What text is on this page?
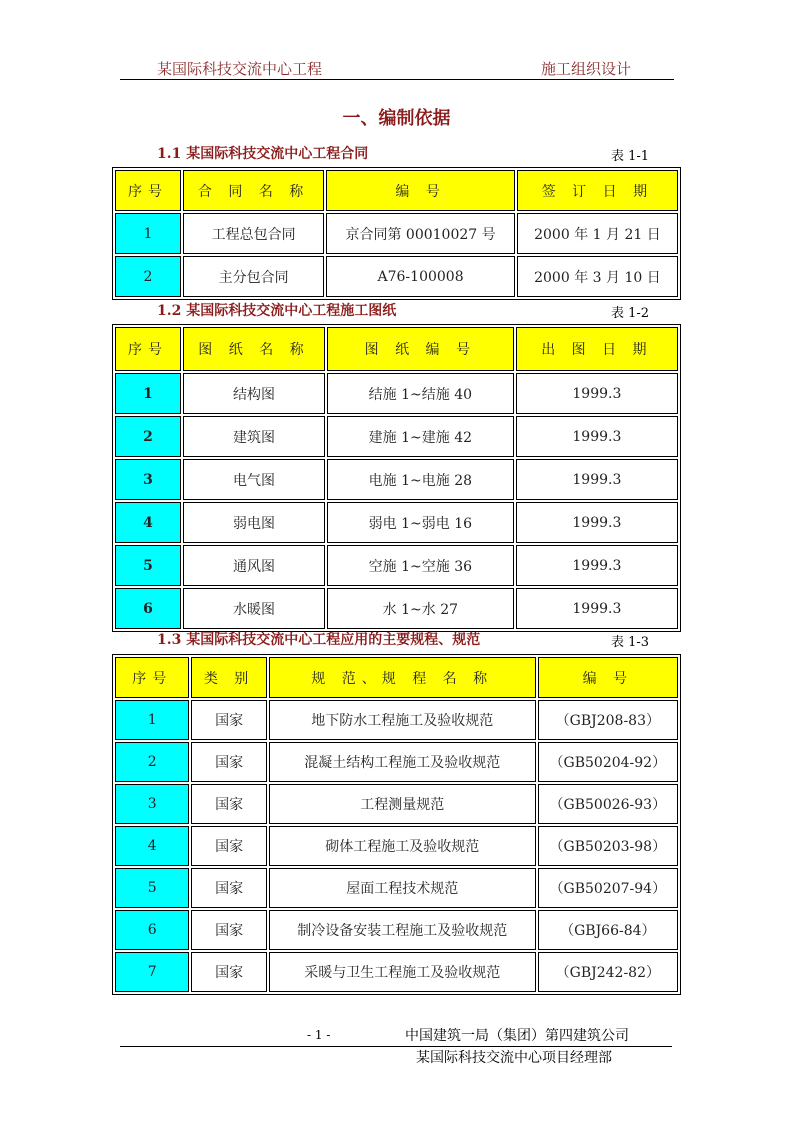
某国际科技交流中心工程	施工组织设计
一、编制依据
1.1 某国际科技交流中心工程合同	表 1-1
序号	合 同 名 称	编 号	签 订 日 期
1	工程总包合同	京合同第 00010027 号	2000 年 1 月 21 日
2	主分包合同	A76-100008	2000 年 3 月 10 日
1.2 某国际科技交流中心工程施工图纸	表 1-2
序号	图 纸 名 称	图 纸 编 号	出 图 日 期
1	结构图	结施 1~结施 40	1999.3
2	建筑图	建施 1~建施 42	1999.3
3	电气图	电施 1~电施 28	1999.3
4	弱电图	弱电 1~弱电 16	1999.3
5	通风图	空施 1~空施 36	1999.3
6	水暖图	水 1~水 27	1999.3
1.3 某国际科技交流中心工程应用的主要规程、规范	表 1-3
序号	类 别	规 范、规 程 名 称	编 号
1	国家	地下防水工程施工及验收规范	（GBJ208-83）
2	国家	混凝土结构工程施工及验收规范	（GB50204-92）
3	国家	工程测量规范	（GB50026-93）
4	国家	砌体工程施工及验收规范	（GB50203-98）
5	国家	屋面工程技术规范	（GB50207-94）
6	国家	制冷设备安装工程施工及验收规范	（GBJ66-84）
7	国家	采暖与卫生工程施工及验收规范	（GBJ242-82）
- 1 -	中国建筑一局（集团）第四建筑公司
某国际科技交流中心项目经理部
